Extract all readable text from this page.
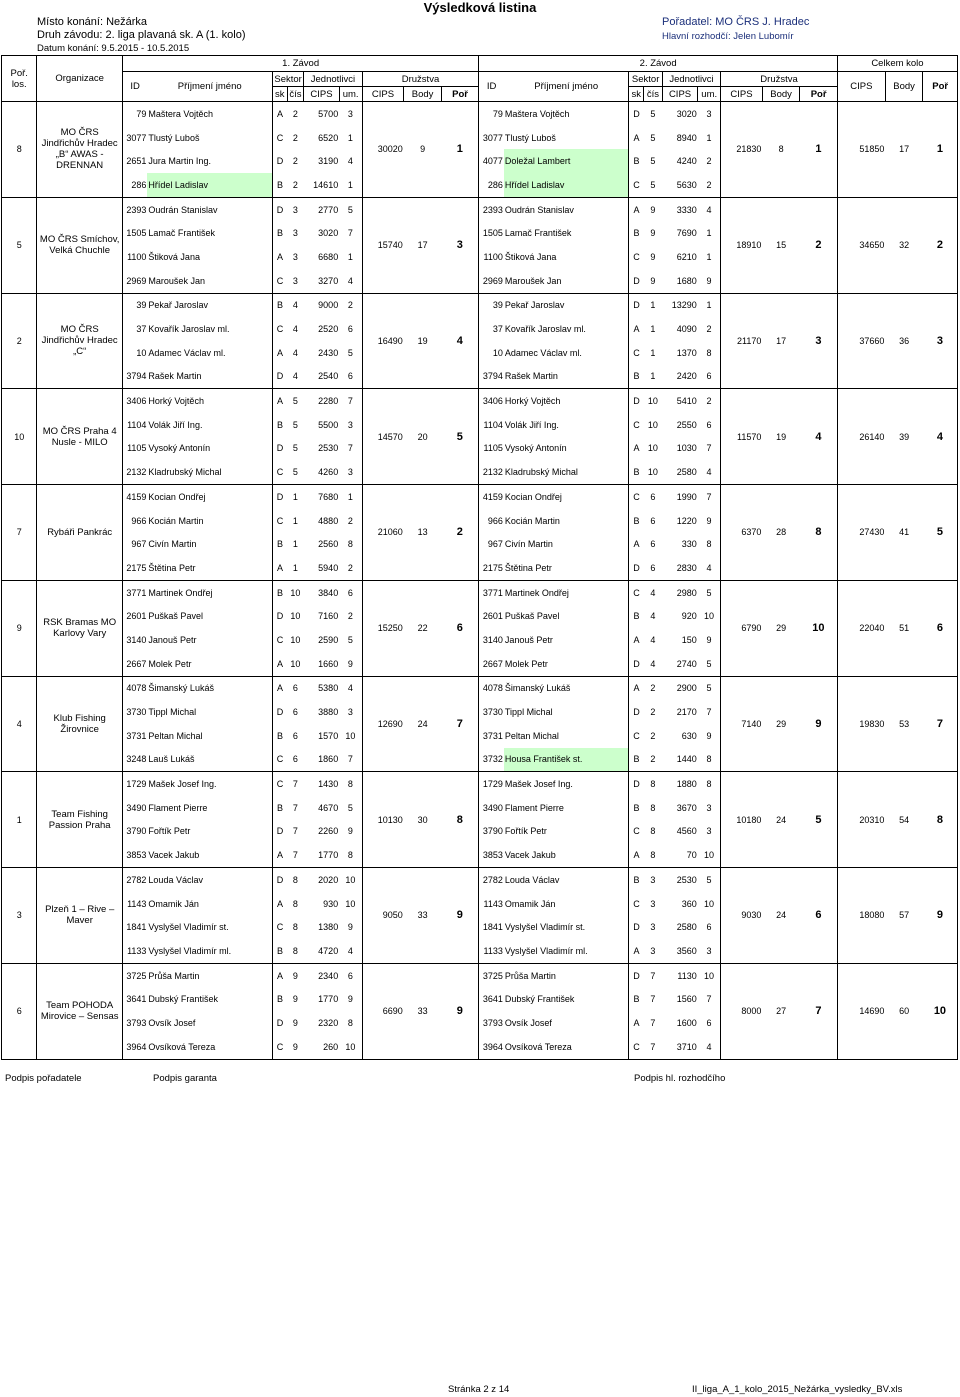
Místo konání: Nežárka
Druh závodu: 2. liga plavaná sk. A (1. kolo)
Datum konání: 9.5.2015 - 10.5.2015
Výsledková listina
Pořadatel: MO ČRS J. Hradec
Hlavní rozhodčí: Jelen Lubomír
Poř. los.	Organizace	1. Závod									2. Závod									Celkem kolo		
		ID	Příjmení jméno	Sektor		Jednotlivci		Družstva			ID	Příjmení jméno	Sektor		Jednotlivci		Družstva			CIPS	Body	Poř
				sk	čís	CIPS	um.	CIPS	Body	Poř			sk	čís	CIPS	um.	CIPS	Body	Poř			
8	MO ČRS Jindřichův Hradec „B“ AWAS - DRENNAN	79	Maštera Vojtěch	A	2	5700	3	30020	9	1	79	Maštera Vojtěch	D	5	3020	3	21830	8	1	51850	17	1
		3077	Tlustý Luboš	C	2	6520	1				3077	Tlustý Luboš	A	5	8940	1						
		2651	Jura Martin Ing.	D	2	3190	4				4077	Doležal Lambert	B	5	4240	2						
		286	Hřídel Ladislav	B	2	14610	1				286	Hřídel Ladislav	C	5	5630	2						
5	MO ČRS Smíchov, Velká Chuchle	2393	Oudrán Stanislav	D	3	2770	5	15740	17	3	2393	Oudrán Stanislav	A	9	3330	4	18910	15	2	34650	32	2
		1505	Lamač František	B	3	3020	7				1505	Lamač František	B	9	7690	1						
		1100	Štiková Jana	A	3	6680	1				1100	Štiková Jana	C	9	6210	1						
		2969	Maroušek Jan	C	3	3270	4				2969	Maroušek Jan	D	9	1680	9						
2	MO ČRS Jindřichův Hradec „C“	39	Pekař Jaroslav	B	4	9000	2	16490	19	4	39	Pekař Jaroslav	D	1	13290	1	21170	17	3	37660	36	3
		37	Kovařík Jaroslav ml.	C	4	2520	6				37	Kovařík Jaroslav ml.	A	1	4090	2						
		10	Adamec Václav ml.	A	4	2430	5				10	Adamec Václav ml.	C	1	1370	8						
		3794	Rašek Martin	D	4	2540	6				3794	Rašek Martin	B	1	2420	6						
10	MO ČRS Praha 4 Nusle - MILO	3406	Horký Vojtěch	A	5	2280	7	14570	20	5	3406	Horký Vojtěch	D	10	5410	2	11570	19	4	26140	39	4
		1104	Volák Jiří Ing.	B	5	5500	3				1104	Volák Jiří Ing.	C	10	2550	6						
		1105	Vysoký Antonín	D	5	2530	7				1105	Vysoký Antonín	A	10	1030	7						
		2132	Kladrubský Michal	C	5	4260	3				2132	Kladrubský Michal	B	10	2580	4						
7	Rybáři Pankrác	4159	Kocian Ondřej	D	1	7680	1	21060	13	2	4159	Kocian Ondřej	C	6	1990	7	6370	28	8	27430	41	5
		966	Kocián Martin	C	1	4880	2				966	Kocián Martin	B	6	1220	9						
		967	Civín Martin	B	1	2560	8				967	Civín Martin	A	6	330	8						
		2175	Štětina Petr	A	1	5940	2				2175	Štětina Petr	D	6	2830	4						
9	RSK Bramas MO Karlovy Vary	3771	Martinek Ondřej	B	10	3840	6	15250	22	6	3771	Martinek Ondřej	C	4	2980	5	6790	29	10	22040	51	6
		2601	Puškaš Pavel	D	10	7160	2				2601	Puškaš Pavel	B	4	920	10						
		3140	Janouš Petr	C	10	2590	5				3140	Janouš Petr	A	4	150	9						
		2667	Molek Petr	A	10	1660	9				2667	Molek Petr	D	4	2740	5						
4	Klub Fishing Žirovnice	4078	Šimanský Lukáš	A	6	5380	4	12690	24	7	4078	Šimanský Lukáš	A	2	2900	5	7140	29	9	19830	53	7
		3730	Tippl Michal	D	6	3880	3				3730	Tippl Michal	D	2	2170	7						
		3731	Peltan Michal	B	6	1570	10				3731	Peltan Michal	C	2	630	9						
		3248	Lauš Lukáš	C	6	1860	7				3732	Housa František st.	B	2	1440	8						
1	Team Fishing Passion Praha	1729	Mašek Josef Ing.	C	7	1430	8	10130	30	8	1729	Mašek Josef Ing.	D	8	1880	8	10180	24	5	20310	54	8
		3490	Flament Pierre	B	7	4670	5				3490	Flament Pierre	B	8	3670	3						
		3790	Fořtík Petr	D	7	2260	9				3790	Fořtík Petr	C	8	4560	3						
		3853	Vacek Jakub	A	7	1770	8				3853	Vacek Jakub	A	8	70	10						
3	Plzeň 1 – Rive – Maver	2782	Louda Václav	D	8	2020	10	9050	33	9	2782	Louda Václav	B	3	2530	5	9030	24	6	18080	57	9
		1143	Omamik Ján	A	8	930	10				1143	Omamik Ján	C	3	360	10						
		1841	Vyslyšel Vladimír st.	C	8	1380	9				1841	Vyslyšel Vladimír st.	D	3	2580	6						
		1133	Vyslyšel Vladimír ml.	B	8	4720	4				1133	Vyslyšel Vladimír ml.	A	3	3560	3						
6	Team POHODA Mirovice – Sensas	3725	Průša Martin	A	9	2340	6	6690	33	9	3725	Průša Martin	D	7	1130	10	8000	27	7	14690	60	10
		3641	Dubský František	B	9	1770	9				3641	Dubský František	B	7	1560	7						
		3793	Ovsík Josef	D	9	2320	8				3793	Ovsík Josef	A	7	1600	6						
		3964	Ovsíková Tereza	C	9	260	10				3964	Ovsíková Tereza	C	7	3710	4						
Podpis pořadatele	Podpis garanta	Podpis hl. rozhodčího
Stránka 2 z 14	II_liga_A_1_kolo_2015_Nežárka_vysledky_BV.xls
